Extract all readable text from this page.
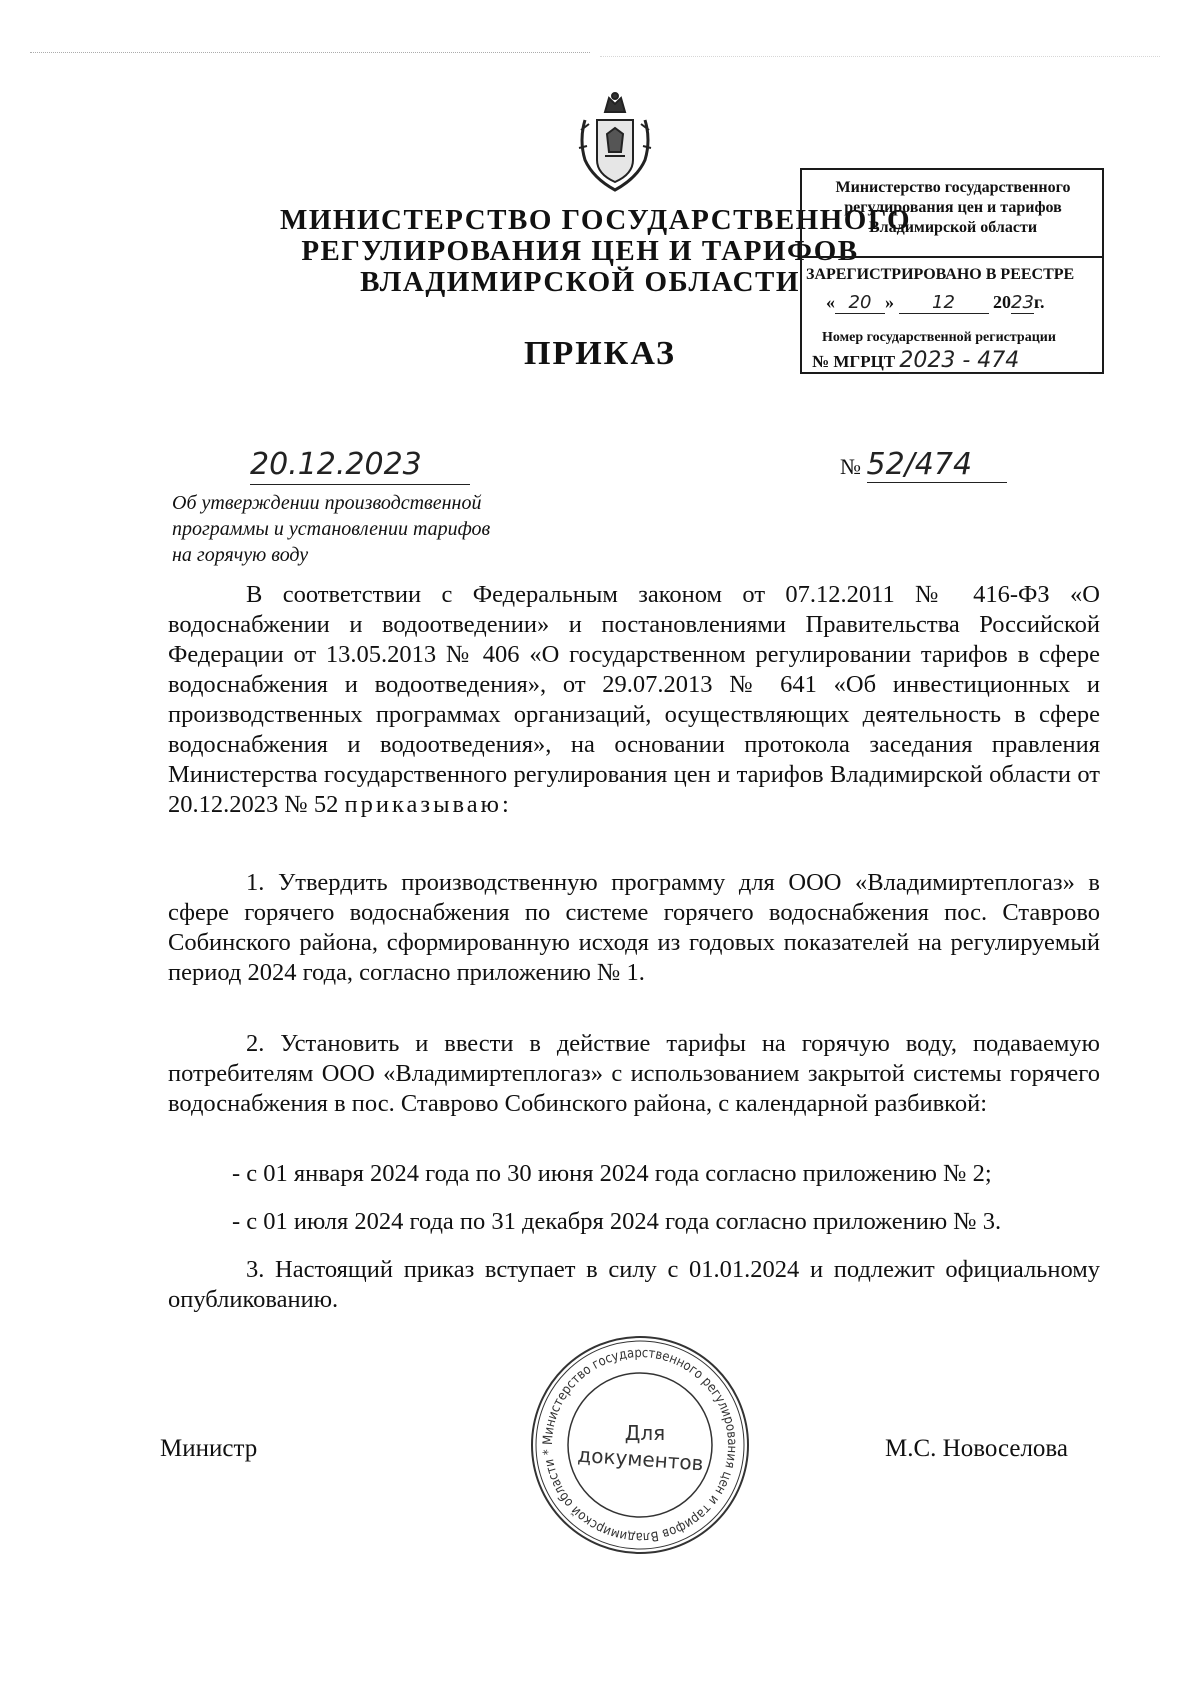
МИНИСТЕРСТВО ГОСУДАРСТВЕННОГО
РЕГУЛИРОВАНИЯ ЦЕН И ТАРИФОВ
ВЛАДИМИРСКОЙ ОБЛАСТИ
Министерство государственного
регулирования цен и тарифов
Владимирской области
ЗАРЕГИСТРИРОВАНО В РЕЕСТРЕ
« 20 » 12 2023г.
Номер государственной регистрации
№ МГРЦТ 2023 - 474
ПРИКАЗ
20.12.2023	№ 52/474
Об утверждении производственной
программы и установлении тарифов
на горячую воду
В соответствии с Федеральным законом от 07.12.2011 № 416-ФЗ «О водоснабжении и водоотведении» и постановлениями Правительства Российской Федерации от 13.05.2013 № 406 «О государственном регулировании тарифов в сфере водоснабжения и водоотведения», от 29.07.2013 № 641 «Об инвестиционных и производственных программах организаций, осуществляющих деятельность в сфере водоснабжения и водоотведения», на основании протокола заседания правления Министерства государственного регулирования цен и тарифов Владимирской области от 20.12.2023 № 52 приказываю:
1. Утвердить производственную программу для ООО «Владимиртеплогаз» в сфере горячего водоснабжения по системе горячего водоснабжения пос. Ставрово Собинского района, сформированную исходя из годовых показателей на регулируемый период 2024 года, согласно приложению № 1.
2. Установить и ввести в действие тарифы на горячую воду, подаваемую потребителям ООО «Владимиртеплогаз» с использованием закрытой системы горячего водоснабжения в пос. Ставрово Собинского района, с календарной разбивкой:
- с 01 января 2024 года по 30 июня 2024 года согласно приложению № 2;
- с 01 июля 2024 года по 31 декабря 2024 года согласно приложению № 3.
3. Настоящий приказ вступает в силу с 01.01.2024 и подлежит официальному опубликованию.
Министр	М.С. Новоселова
Министерство государственного регулирования цен и тарифов Владимирской области *
Для
документов
